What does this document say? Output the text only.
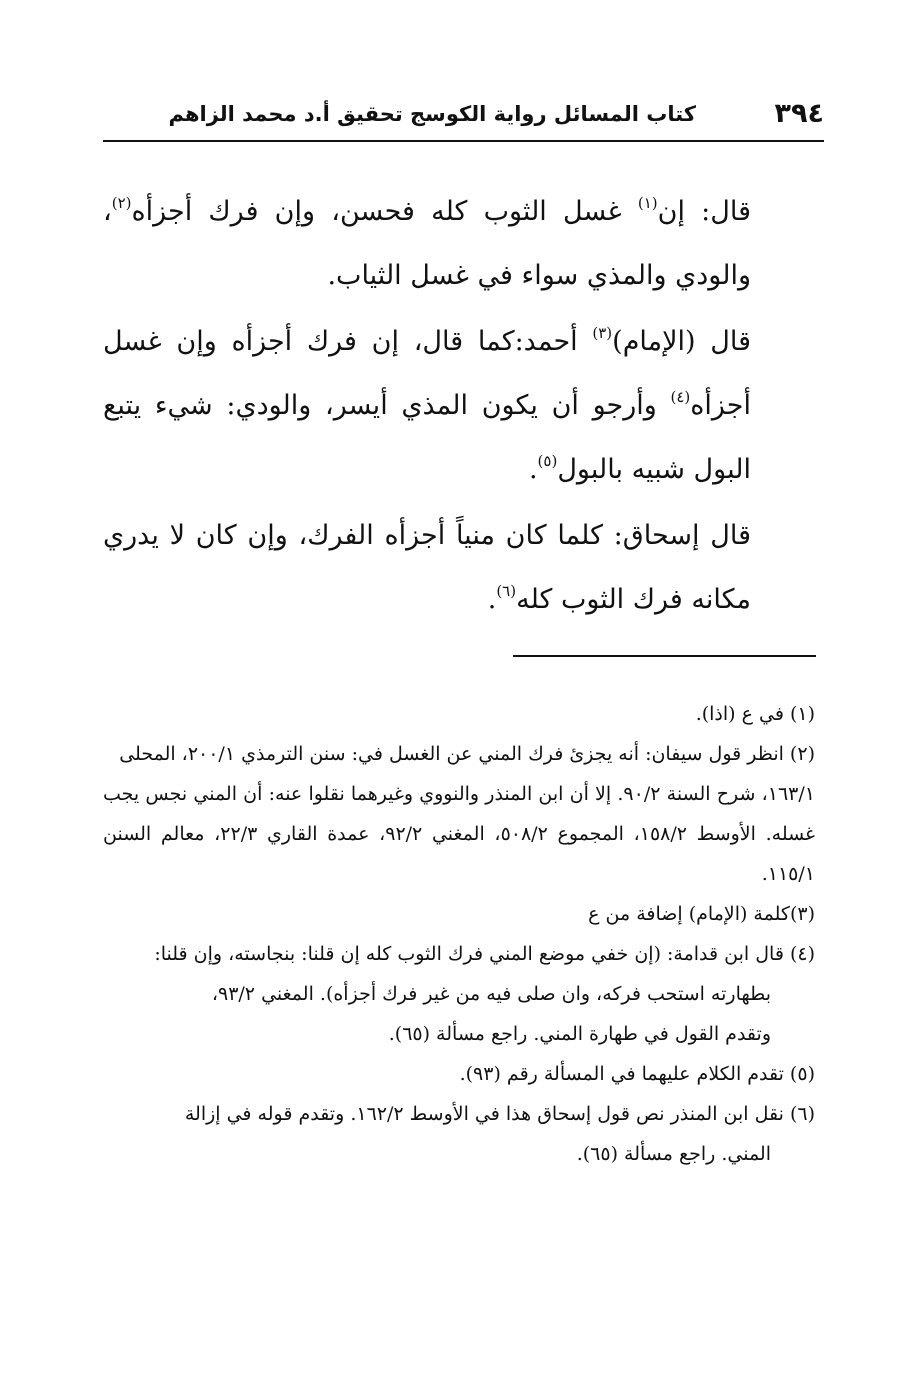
٣٩٤
كتاب المسائل رواية الكوسج تحقيق أ.د محمد الزاهم

قال: إن$^{(١)}$ غسل الثوب كله فحسن، وإن فرك أجزأه$^{(٢)}$، والودي والمذي سواء في غسل الثياب.

قال (الإمام)$^{(٣)}$ أحمد:كما قال، إن فرك أجزأه وإن غسل أجزأه$^{(٤)}$ وأرجو أن يكون المذي أيسر، والودي: شيء يتبع البول شبيه بالبول$^{(٥)}$.

قال إسحاق: كلما كان منياً أجزأه الفرك، وإن كان لا يدري مكانه فرك الثوب كله$^{(٦)}$.

(١) في ع (اذا).
(٢) انظر قول سيفان: أنه يجزئ فرك المني عن الغسل في: سنن الترمذي ٢٠٠/١، المحلى
١٦٣/١، شرح السنة ٩٠/٢. إلا أن ابن المنذر والنووي وغيرهما نقلوا عنه: أن المني نجس يجب غسله. الأوسط ١٥٨/٢، المجموع ٥٠٨/٢، المغني ٩٢/٢، عمدة القاري ٢٢/٣، معالم السنن ١١٥/١.
(٣)كلمة (الإمام) إضافة من ع
(٤) قال ابن قدامة: (إن خفي موضع المني فرك الثوب كله إن قلنا: بنجاسته، وإن قلنا:
بطهارته استحب فركه، وان صلى فيه من غير فرك أجزأه). المغني ٩٣/٢،
وتقدم القول في طهارة المني. راجع مسألة (٦٥).
(٥) تقدم الكلام عليهما في المسألة رقم (٩٣).
(٦) نقل ابن المنذر نص قول إسحاق هذا في الأوسط ١٦٢/٢. وتقدم قوله في إزالة
المني. راجع مسألة (٦٥).
